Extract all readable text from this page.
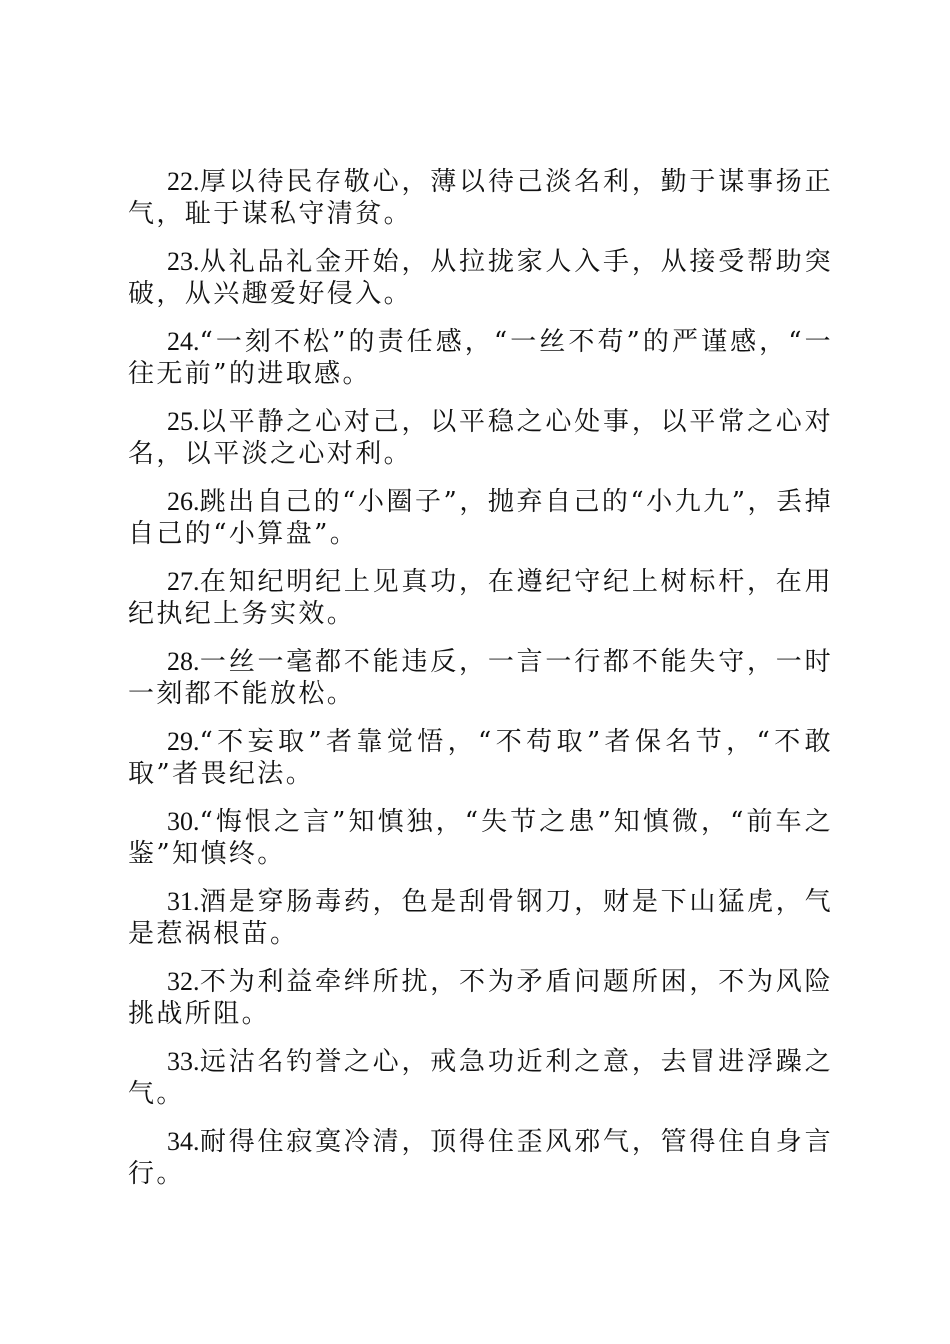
22.厚以待民存敬心，薄以待己淡名利，勤于谋事扬正气，耻于谋私守清贫。

23.从礼品礼金开始，从拉拢家人入手，从接受帮助突破，从兴趣爱好侵入。

24.“一刻不松”的责任感，“一丝不苟”的严谨感，“一往无前”的进取感。

25.以平静之心对己，以平稳之心处事，以平常之心对名，以平淡之心对利。

26.跳出自己的“小圈子”，抛弃自己的“小九九”，丢掉自己的“小算盘”。

27.在知纪明纪上见真功，在遵纪守纪上树标杆，在用纪执纪上务实效。

28.一丝一毫都不能违反，一言一行都不能失守，一时一刻都不能放松。

29.“不妄取”者靠觉悟，“不苟取”者保名节，“不敢取”者畏纪法。

30.“悔恨之言”知慎独，“失节之患”知慎微，“前车之鉴”知慎终。

31.酒是穿肠毒药，色是刮骨钢刀，财是下山猛虎，气是惹祸根苗。

32.不为利益牵绊所扰，不为矛盾问题所困，不为风险挑战所阻。

33.远沽名钓誉之心，戒急功近利之意，去冒进浮躁之气。

34.耐得住寂寞冷清，顶得住歪风邪气，管得住自身言行。
